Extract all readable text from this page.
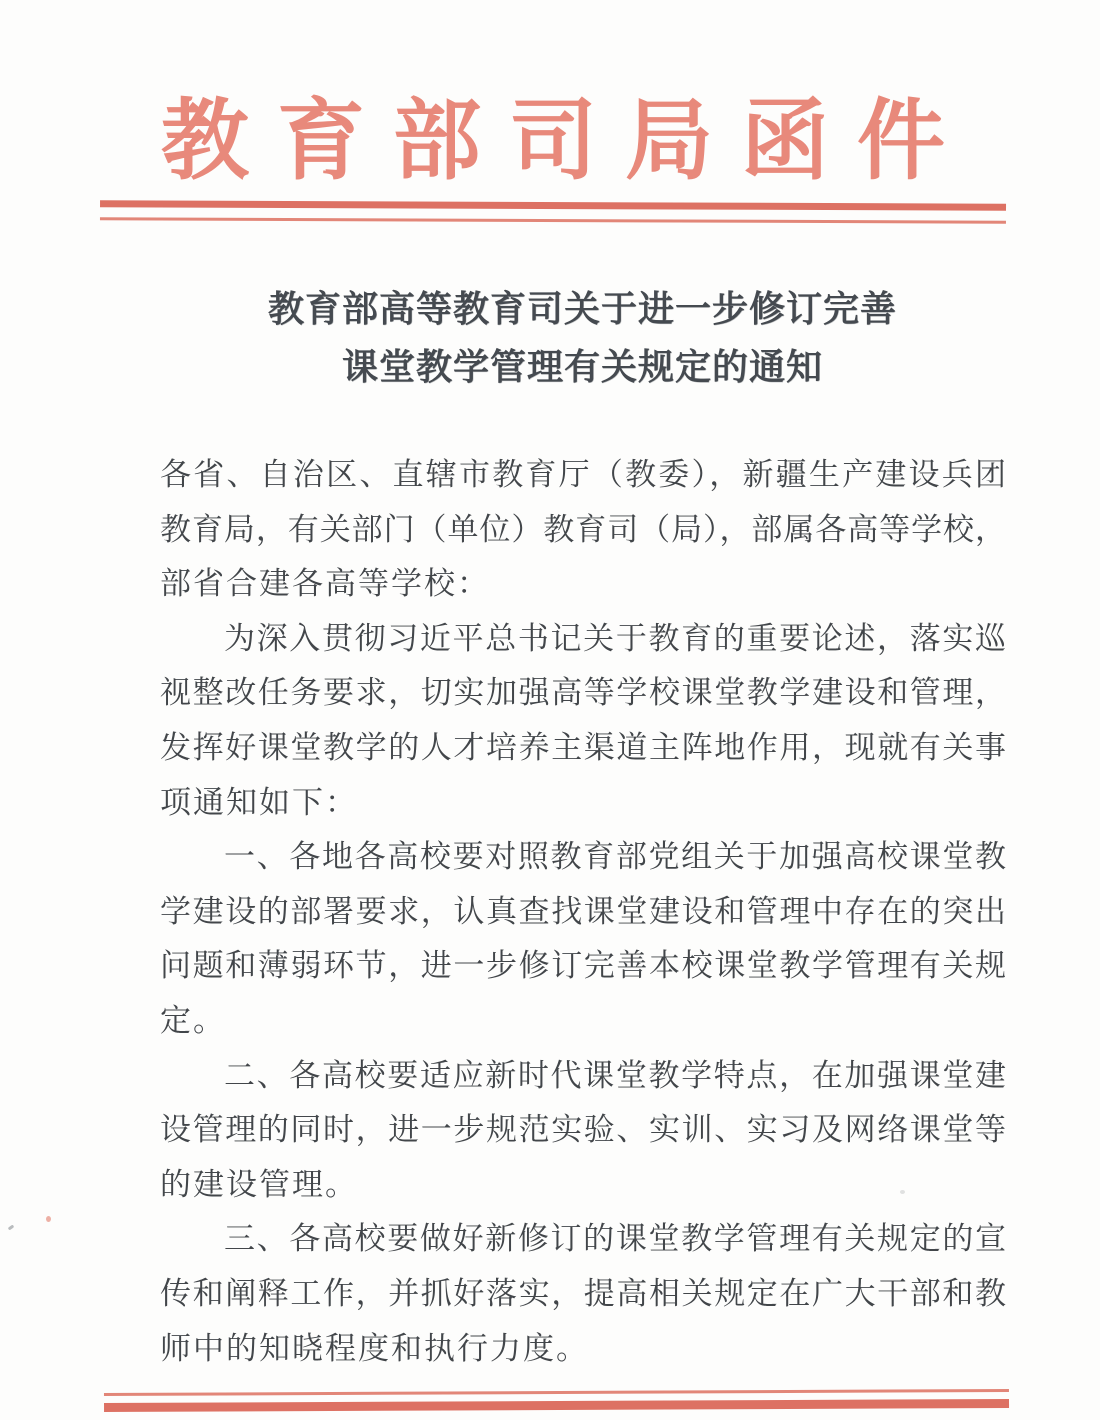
教育部司局函件
教育部高等教育司关于进一步修订完善
课堂教学管理有关规定的通知
各省、自治区、直辖市教育厅（教委），新疆生产建设兵团
教育局，有关部门（单位）教育司（局），部属各高等学校，
部省合建各高等学校：
为深入贯彻习近平总书记关于教育的重要论述，落实巡
视整改任务要求，切实加强高等学校课堂教学建设和管理，
发挥好课堂教学的人才培养主渠道主阵地作用，现就有关事
项通知如下：
一、各地各高校要对照教育部党组关于加强高校课堂教
学建设的部署要求，认真查找课堂建设和管理中存在的突出
问题和薄弱环节，进一步修订完善本校课堂教学管理有关规
定。
二、各高校要适应新时代课堂教学特点，在加强课堂建
设管理的同时，进一步规范实验、实训、实习及网络课堂等
的建设管理。
三、各高校要做好新修订的课堂教学管理有关规定的宣
传和阐释工作，并抓好落实，提高相关规定在广大干部和教
师中的知晓程度和执行力度。
